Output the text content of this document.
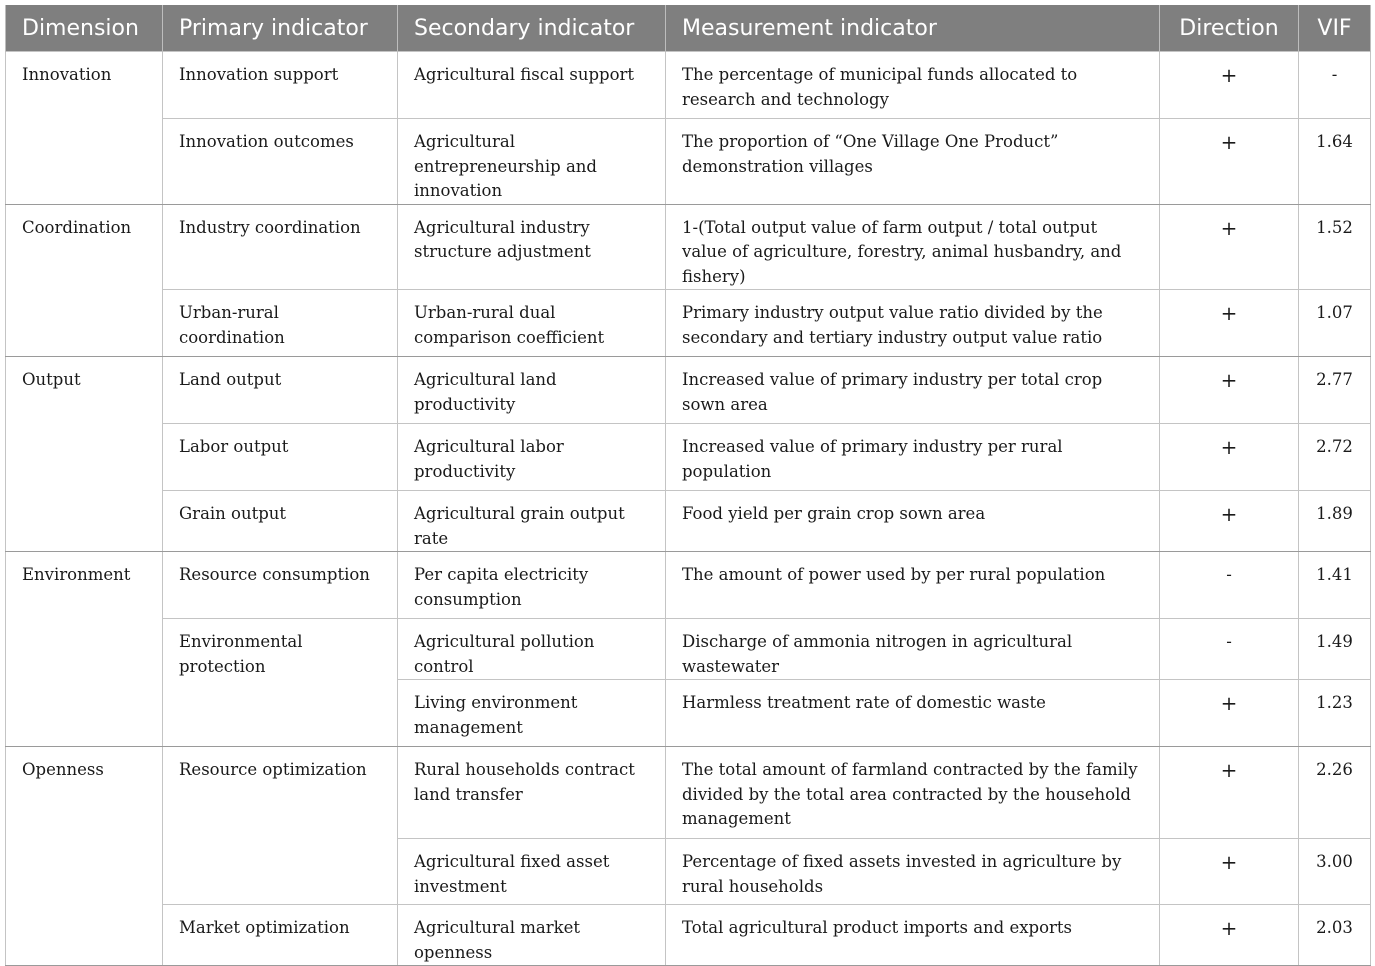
Dimension	Primary indicator	Secondary indicator	Measurement indicator	Direction	VIF
Innovation	Innovation support	Agricultural fiscal support	The percentage of municipal funds allocated to research and technology	+	-
	Innovation outcomes	Agricultural entrepreneurship and innovation	The proportion of “One Village One Product” demonstration villages	+	1.64
Coordination	Industry coordination	Agricultural industry structure adjustment	1-(Total output value of farm output / total output value of agriculture, forestry, animal husbandry, and fishery)	+	1.52
	Urban-rural coordination	Urban-rural dual comparison coefficient	Primary industry output value ratio divided by the secondary and tertiary industry output value ratio	+	1.07
Output	Land output	Agricultural land productivity	Increased value of primary industry per total crop sown area	+	2.77
	Labor output	Agricultural labor productivity	Increased value of primary industry per rural population	+	2.72
	Grain output	Agricultural grain output rate	Food yield per grain crop sown area	+	1.89
Environment	Resource consumption	Per capita electricity consumption	The amount of power used by per rural population	-	1.41
	Environmental protection	Agricultural pollution control	Discharge of ammonia nitrogen in agricultural wastewater	-	1.49
		Living environment management	Harmless treatment rate of domestic waste	+	1.23
Openness	Resource optimization	Rural households contract land transfer	The total amount of farmland contracted by the family divided by the total area contracted by the household management	+	2.26
		Agricultural fixed asset investment	Percentage of fixed assets invested in agriculture by rural households	+	3.00
	Market optimization	Agricultural market openness	Total agricultural product imports and exports	+	2.03
